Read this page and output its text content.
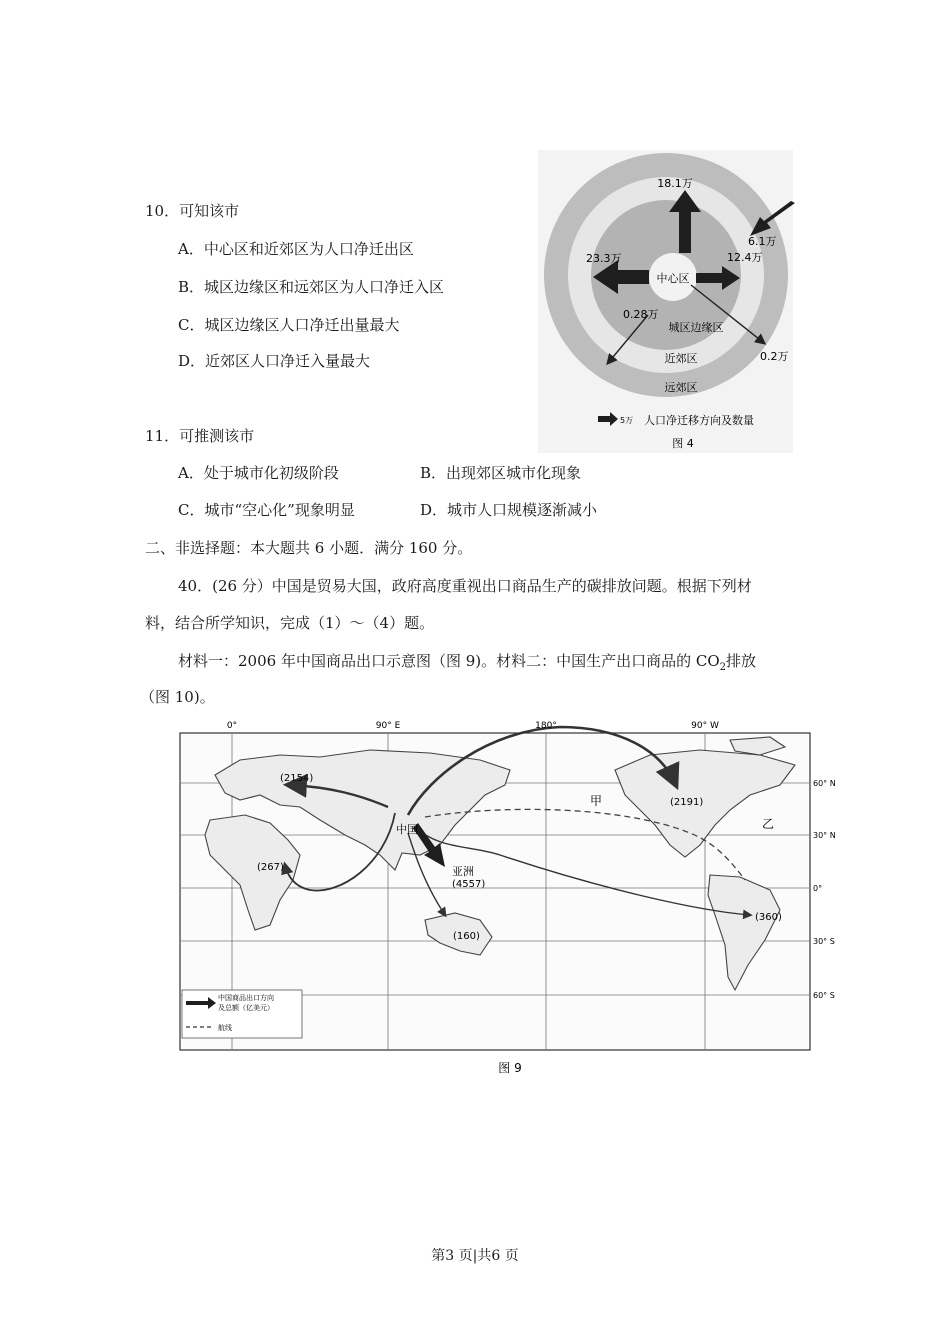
10．可知该市
A．中心区和近郊区为人口净迁出区
B．城区边缘区和远郊区为人口净迁入区
C．城区边缘区人口净迁出量最大
D．近郊区人口净迁入量最大
11．可推测该市
A．处于城市化初级阶段	B．出现郊区城市化现象
C．城市“空心化”现象明显	D．城市人口规模逐渐减小
二、非选择题：本大题共 6 小题．满分 160 分。
40．(26 分）中国是贸易大国，政府高度重视出口商品生产的碳排放问题。根据下列材
料，结合所学知识，完成（1）～（4）题。
材料一：2006 年中国商品出口示意图（图 9)。材料二：中国生产出口商品的 $CO_2$排放
（图 10)。
18.1万
23.3万	12.4万
6.1万
0.28万
0.2万
中心区
城区边缘区
近郊区
远郊区
5万 人口净迁移方向及数量
图 4
0°	90° E	180°	90° W
60° N
30° N
0°
30° S
60° S
中国
亚洲
(4557)
(2154)
(267)
(160)
(2191)
(360)
甲
乙
中国商品出口方向
及总额（亿美元）
航线
图 9
第3 页|共6 页
